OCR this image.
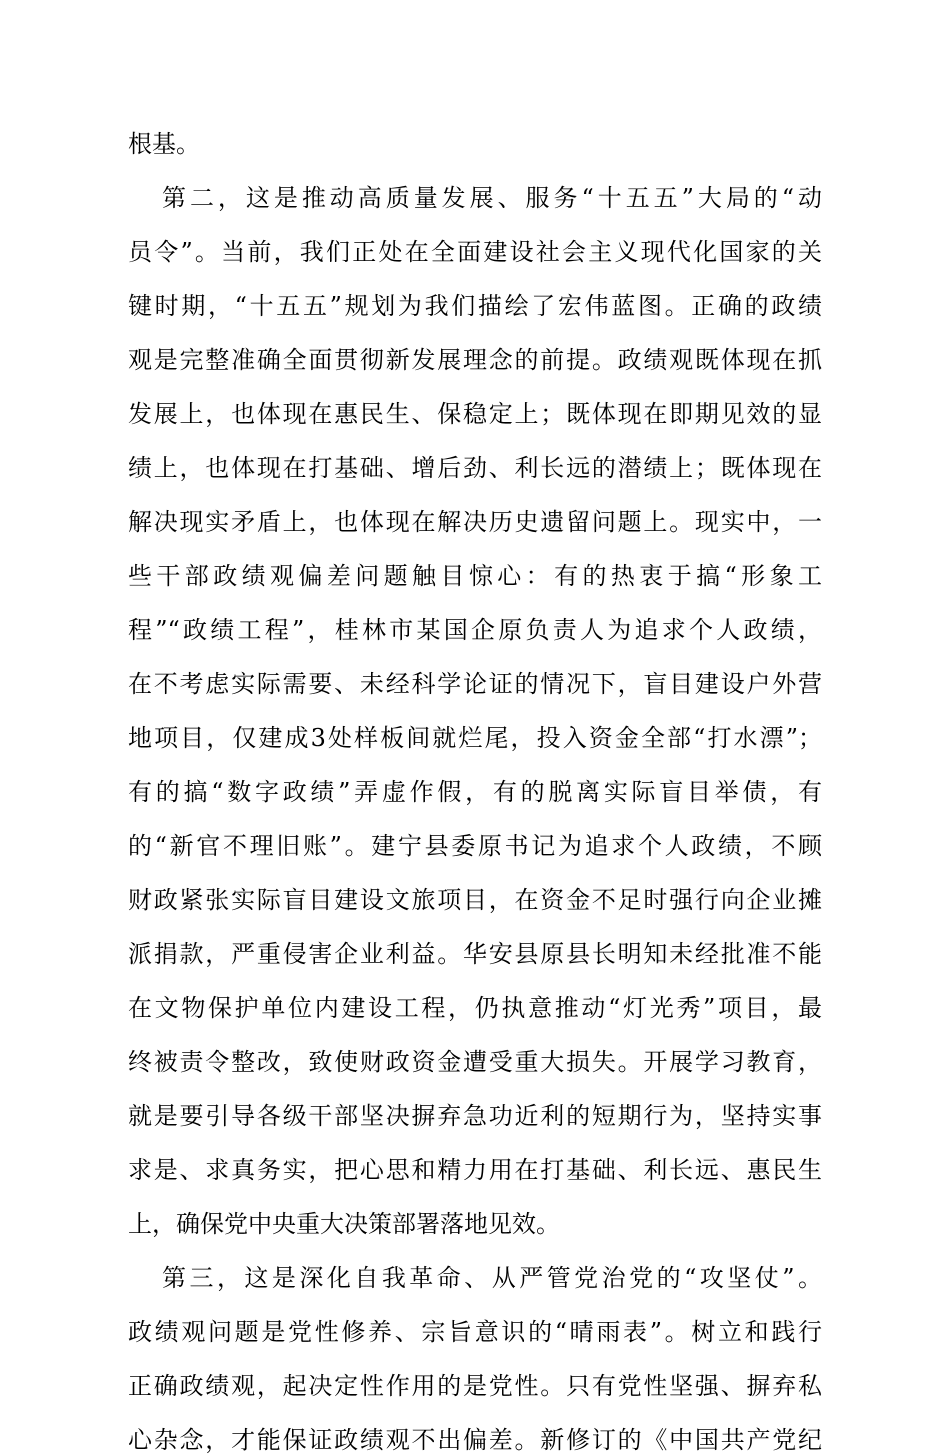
根基。
第二，这是推动高质量发展、服务“十五五”大局的“动
员令”。当前，我们正处在全面建设社会主义现代化国家的关
键时期，“十五五”规划为我们描绘了宏伟蓝图。正确的政绩
观是完整准确全面贯彻新发展理念的前提。政绩观既体现在抓
发展上，也体现在惠民生、保稳定上；既体现在即期见效的显
绩上，也体现在打基础、增后劲、利长远的潜绩上；既体现在
解决现实矛盾上，也体现在解决历史遗留问题上。现实中，一
些干部政绩观偏差问题触目惊心：有的热衷于搞“形象工
程”“政绩工程”，桂林市某国企原负责人为追求个人政绩，
在不考虑实际需要、未经科学论证的情况下，盲目建设户外营
地项目，仅建成3处样板间就烂尾，投入资金全部“打水漂”；
有的搞“数字政绩”弄虚作假，有的脱离实际盲目举债，有
的“新官不理旧账”。建宁县委原书记为追求个人政绩，不顾
财政紧张实际盲目建设文旅项目，在资金不足时强行向企业摊
派捐款，严重侵害企业利益。华安县原县长明知未经批准不能
在文物保护单位内建设工程，仍执意推动“灯光秀”项目，最
终被责令整改，致使财政资金遭受重大损失。开展学习教育，
就是要引导各级干部坚决摒弃急功近利的短期行为，坚持实事
求是、求真务实，把心思和精力用在打基础、利长远、惠民生
上，确保党中央重大决策部署落地见效。
第三，这是深化自我革命、从严管党治党的“攻坚仗”。
政绩观问题是党性修养、宗旨意识的“晴雨表”。树立和践行
正确政绩观，起决定性作用的是党性。只有党性坚强、摒弃私
心杂念，才能保证政绩观不出偏差。新修订的《中国共产党纪
